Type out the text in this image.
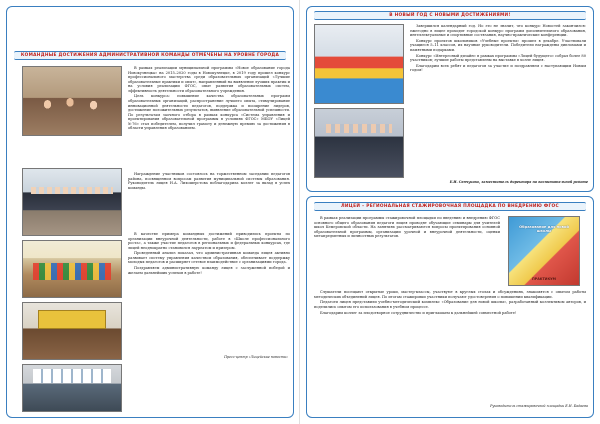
КОМАНДНЫЕ ДОСТИЖЕНИЯ АДМИНИСТРАТИВНОЙ КОМАНДЫ ОТМЕЧЕНЫ НА УРОВНЕ ГОРОДА

В рамках реализации муниципальной программы «Новое образование города Новокузнецка» на 2015–2020 годы в Новокузнецке, в 2019 году прошел конкурс профессионального мастерства среди образовательных организаций «Лучшие образовательные практики и опыт», направленный на выявление лучших практик и на условия реализации ФГОС, опыт развития образовательных систем, эффективность деятельности образовательного учреждения.

Цель конкурса: повышение качества образовательных программ образовательных организаций, распространение лучшего опыта, стимулирование инновационной деятельности педагогов, поддержка и поощрение лидеров, достижение положительных результатов, выявление образовательной успешности. По результатам заочного отбора в рамках конкурса «Система управления и проектирования образовательной программы в условиях ФГОС» МБОУ «Лицей №76» стал победителем, получил грамоту и денежную премию за достижения в области управления образованием.

Награждение участников состоялось на торжественном заседании педагогов района, посвященном вопросам развития муниципальной системы образования. Руководитель лицея Н.А. Лихошерстова поблагодарила коллег за вклад в успех команды.

В качестве примера командных достижений приводились проекты по организации внеурочной деятельности, работе в «Школе профессионального роста», а также участие педагогов в региональных и федеральных конкурсах, где лицей неоднократно становился лауреатом и призером.

Проведенный анализ показал, что административная команда лицея активно развивает систему управления качеством образования, обеспечивает поддержку молодых педагогов и расширяет сетевое взаимодействие с организациями города.

Поздравляем административную команду лицея с заслуженной победой и желаем дальнейших успехов в работе!

Пресс-центр «Лицейские новости»
В НОВЫЙ ГОД С НОВЫМИ ДОСТИЖЕНИЯМИ!

Завершился календарный год. Но это не значит, что конкурс Новостей закончился: ежегодно в лицее проходит городской конкурс программ дополнительного образования, интеллектуальные и спортивные состязания, научно-практические конференции.

Конкурс проектов школьников «Учебные проекты» прошел в декабре. Участвовали учащиеся 5–11 классов, их научные руководители. Победители награждены дипломами и памятными подарками.

Конкурс «Интересный дизайн» в рамках программы «Лицей будущего» собрал более 80 участников; лучшие работы представлены на выставке в холле лицея.

Благодарим всех ребят и педагогов за участие и поздравляем с наступающим Новым годом!

Е.И. Сенчукова, заместитель директора по воспитательной работе
ЛИЦЕЙ – РЕГИОНАЛЬНАЯ СТАЖИРОВОЧНАЯ ПЛОЩАДКА ПО ВНЕДРЕНИЮ ФГОС

В рамках реализации программы стажировочной площадки по введению и внедрению ФГОС основного общего образования педагоги лицея проводят обучающие семинары для учителей школ Кемеровской области. На занятиях рассматриваются вопросы проектирования основной образовательной программы, организации урочной и внеурочной деятельности, оценки метапредметных и личностных результатов.

Образование для новой школы
ПРАКТИКУМ

Слушатели посещают открытые уроки, мастер-классы, участвуют в круглых столах и обсуждениях, знакомятся с опытом работы методических объединений лицея. По итогам стажировки участники получают удостоверения о повышении квалификации.

Педагоги лицея представили учебно-методический комплекс «Образование для новой школы», разработанный коллективом авторов, и поделились опытом его использования в учебном процессе.

Благодарим коллег за плодотворное сотрудничество и приглашаем к дальнейшей совместной работе!

Руководитель стажировочной площадки Е.Н. Бадаева
